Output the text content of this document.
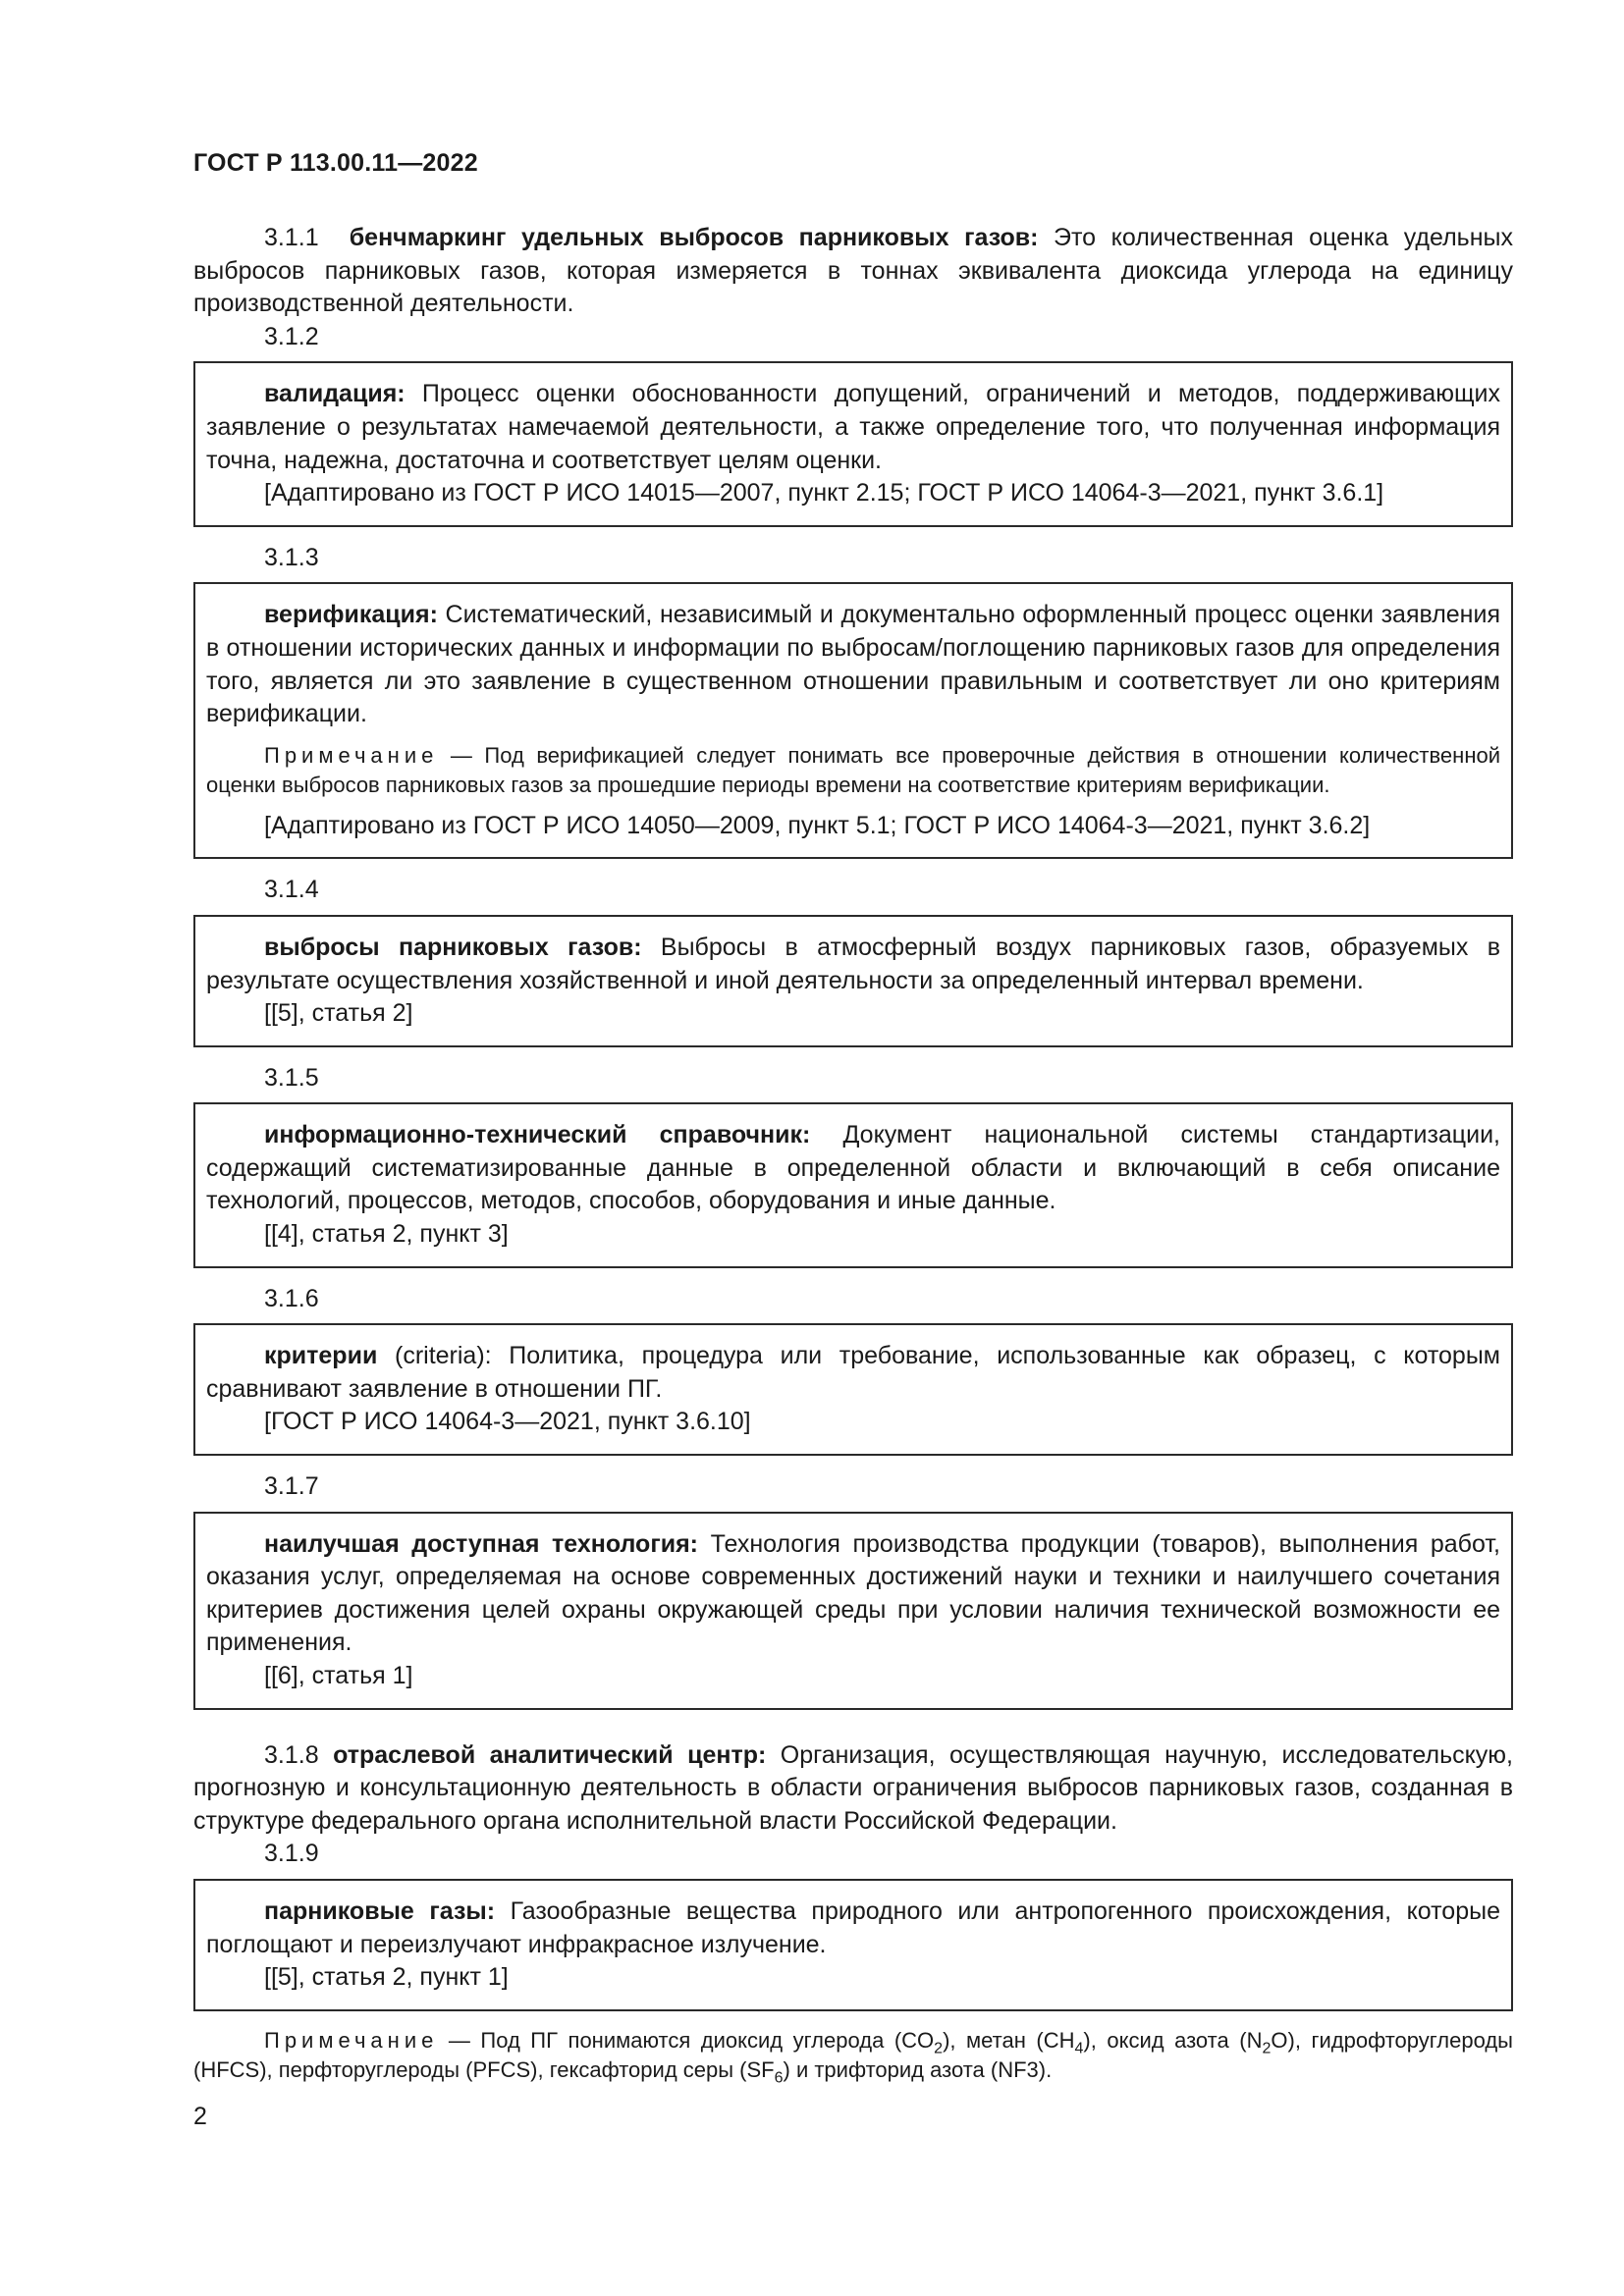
ГОСТ Р 113.00.11—2022
3.1.1 бенчмаркинг удельных выбросов парниковых газов: Это количественная оценка удельных выбросов парниковых газов, которая измеряется в тоннах эквивалента диоксида углерода на единицу производственной деятельности.
3.1.2
валидация: Процесс оценки обоснованности допущений, ограничений и методов, поддерживающих заявление о результатах намечаемой деятельности, а также определение того, что полученная информация точна, надежна, достаточна и соответствует целям оценки.
[Адаптировано из ГОСТ Р ИСО 14015—2007, пункт 2.15; ГОСТ Р ИСО 14064-3—2021, пункт 3.6.1]
3.1.3
верификация: Систематический, независимый и документально оформленный процесс оценки заявления в отношении исторических данных и информации по выбросам/поглощению парниковых газов для определения того, является ли это заявление в существенном отношении правильным и соответствует ли оно критериям верификации.
Примечание — Под верификацией следует понимать все проверочные действия в отношении количественной оценки выбросов парниковых газов за прошедшие периоды времени на соответствие критериям верификации.
[Адаптировано из ГОСТ Р ИСО 14050—2009, пункт 5.1; ГОСТ Р ИСО 14064-3—2021, пункт 3.6.2]
3.1.4
выбросы парниковых газов: Выбросы в атмосферный воздух парниковых газов, образуемых в результате осуществления хозяйственной и иной деятельности за определенный интервал времени.
[[5], статья 2]
3.1.5
информационно-технический справочник: Документ национальной системы стандартизации, содержащий систематизированные данные в определенной области и включающий в себя описание технологий, процессов, методов, способов, оборудования и иные данные.
[[4], статья 2, пункт 3]
3.1.6
критерии (criteria): Политика, процедура или требование, использованные как образец, с которым сравнивают заявление в отношении ПГ.
[ГОСТ Р ИСО 14064-3—2021, пункт 3.6.10]
3.1.7
наилучшая доступная технология: Технология производства продукции (товаров), выполнения работ, оказания услуг, определяемая на основе современных достижений науки и техники и наилучшего сочетания критериев достижения целей охраны окружающей среды при условии наличия технической возможности ее применения.
[[6], статья 1]
3.1.8 отраслевой аналитический центр: Организация, осуществляющая научную, исследовательскую, прогнозную и консультационную деятельность в области ограничения выбросов парниковых газов, созданная в структуре федерального органа исполнительной власти Российской Федерации.
3.1.9
парниковые газы: Газообразные вещества природного или антропогенного происхождения, которые поглощают и переизлучают инфракрасное излучение.
[[5], статья 2, пункт 1]
Примечание — Под ПГ понимаются диоксид углерода $(CO_2)$, метан $(CH_4)$, оксид азота $(N_2O)$, гидрофторуглероды (HFCS), перфторуглероды (PFCS), гексафторид серы $(SF_6)$ и трифторид азота (NF3).
2
